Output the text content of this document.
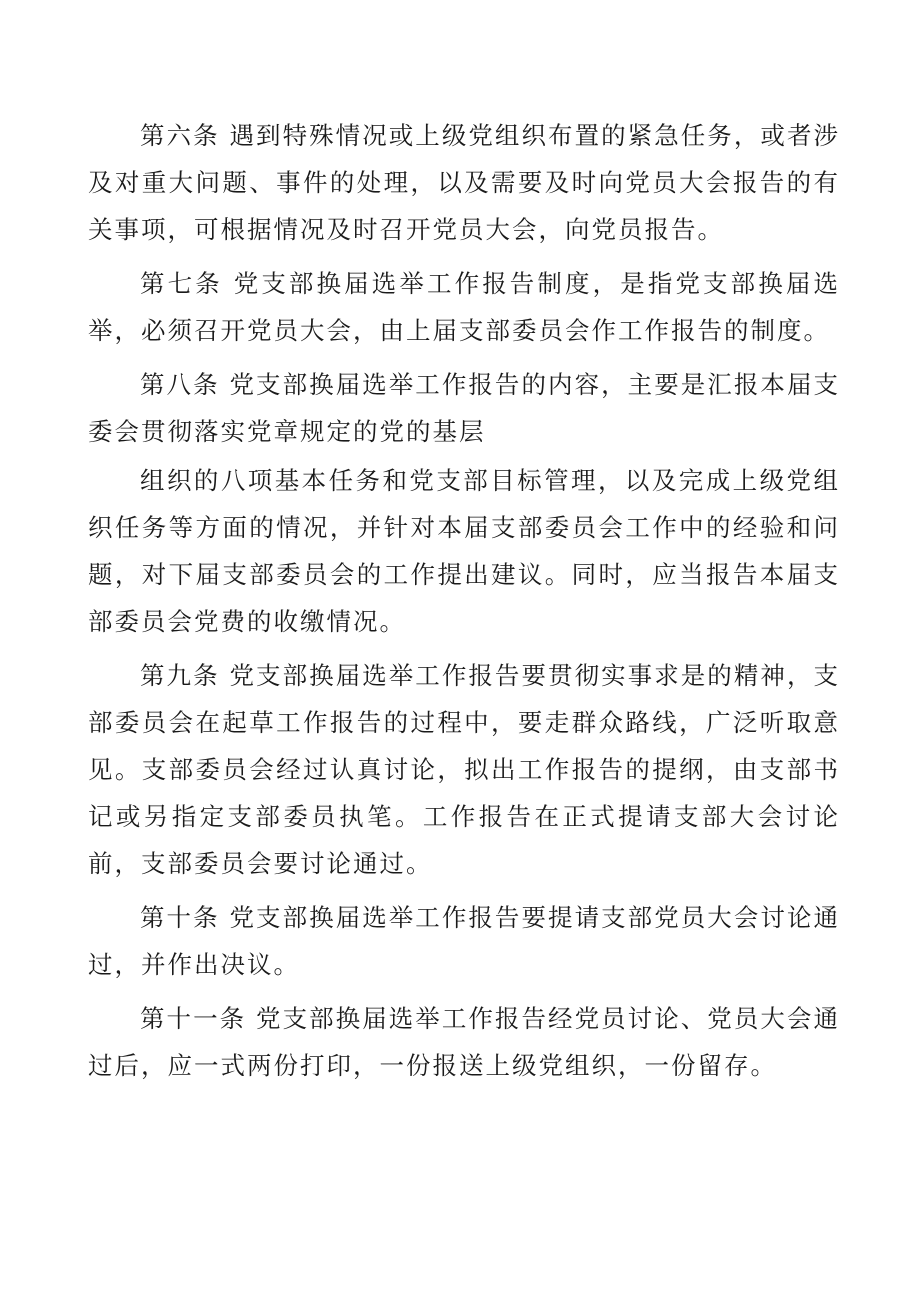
第六条 遇到特殊情况或上级党组织布置的紧急任务，或者涉及对重大问题、事件的处理，以及需要及时向党员大会报告的有关事项，可根据情况及时召开党员大会，向党员报告。

第七条 党支部换届选举工作报告制度，是指党支部换届选举，必须召开党员大会，由上届支部委员会作工作报告的制度。

第八条 党支部换届选举工作报告的内容，主要是汇报本届支委会贯彻落实党章规定的党的基层

组织的八项基本任务和党支部目标管理，以及完成上级党组织任务等方面的情况，并针对本届支部委员会工作中的经验和问题，对下届支部委员会的工作提出建议。同时，应当报告本届支部委员会党费的收缴情况。

第九条 党支部换届选举工作报告要贯彻实事求是的精神，支部委员会在起草工作报告的过程中，要走群众路线，广泛听取意见。支部委员会经过认真讨论，拟出工作报告的提纲，由支部书记或另指定支部委员执笔。工作报告在正式提请支部大会讨论前，支部委员会要讨论通过。

第十条 党支部换届选举工作报告要提请支部党员大会讨论通过，并作出决议。

第十一条 党支部换届选举工作报告经党员讨论、党员大会通过后，应一式两份打印，一份报送上级党组织，一份留存。
